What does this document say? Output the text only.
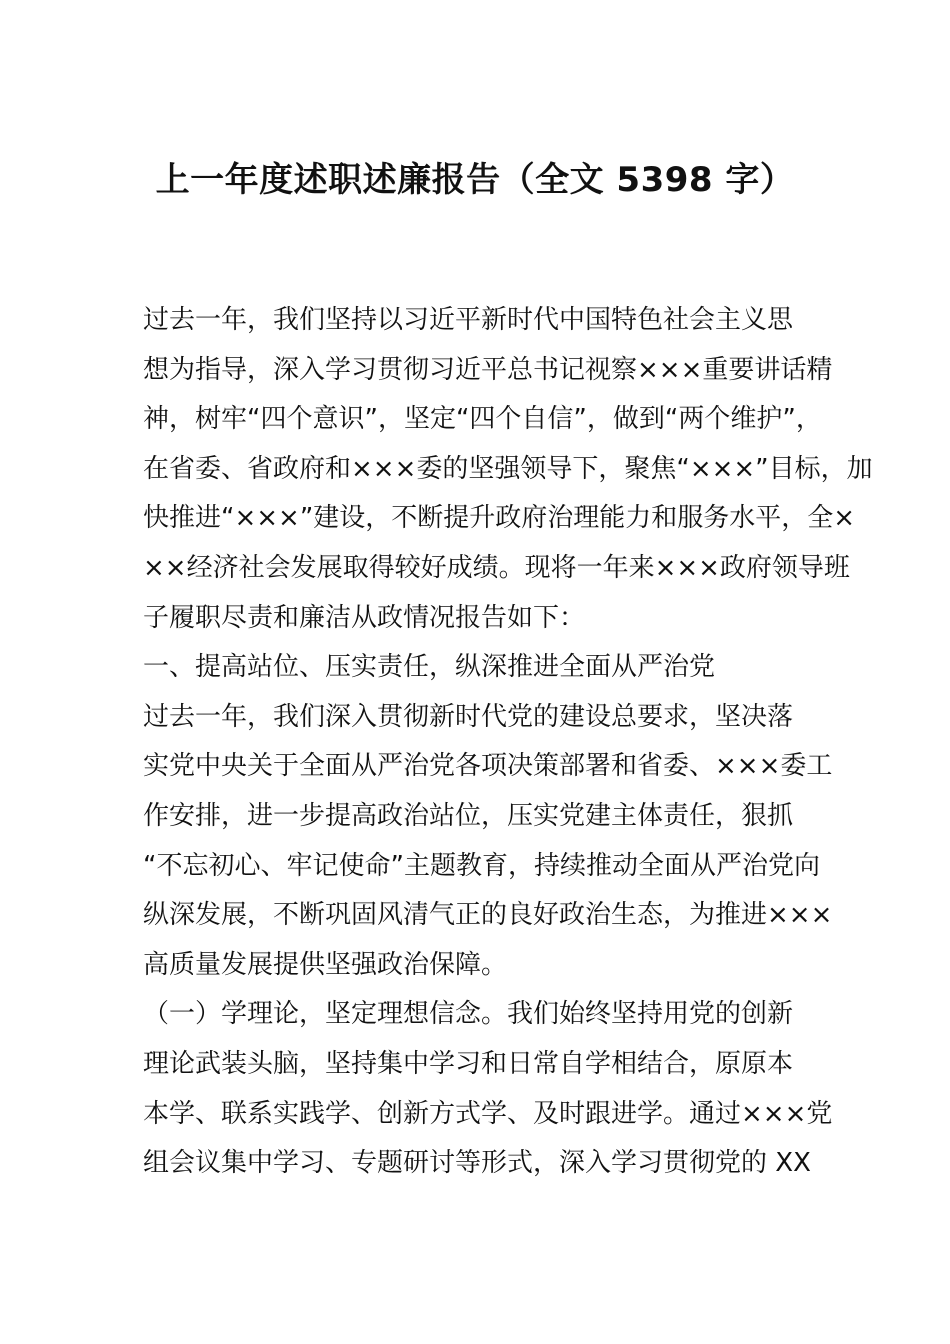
上一年度述职述廉报告（全文 5398 字）
过去一年，我们坚持以习近平新时代中国特色社会主义思
想为指导，深入学习贯彻习近平总书记视察×××重要讲话精
神，树牢“四个意识”，坚定“四个自信”，做到“两个维护”，
在省委、省政府和×××委的坚强领导下，聚焦“×××”目标，加
快推进“×××”建设，不断提升政府治理能力和服务水平，全×
××经济社会发展取得较好成绩。现将一年来×××政府领导班
子履职尽责和廉洁从政情况报告如下：
一、提高站位、压实责任，纵深推进全面从严治党
过去一年，我们深入贯彻新时代党的建设总要求，坚决落
实党中央关于全面从严治党各项决策部署和省委、×××委工
作安排，进一步提高政治站位，压实党建主体责任，狠抓
“不忘初心、牢记使命”主题教育，持续推动全面从严治党向
纵深发展，不断巩固风清气正的良好政治生态，为推进×××
高质量发展提供坚强政治保障。
（一）学理论，坚定理想信念。我们始终坚持用党的创新
理论武装头脑，坚持集中学习和日常自学相结合，原原本
本学、联系实践学、创新方式学、及时跟进学。通过×××党
组会议集中学习、专题研讨等形式，深入学习贯彻党的 XX
